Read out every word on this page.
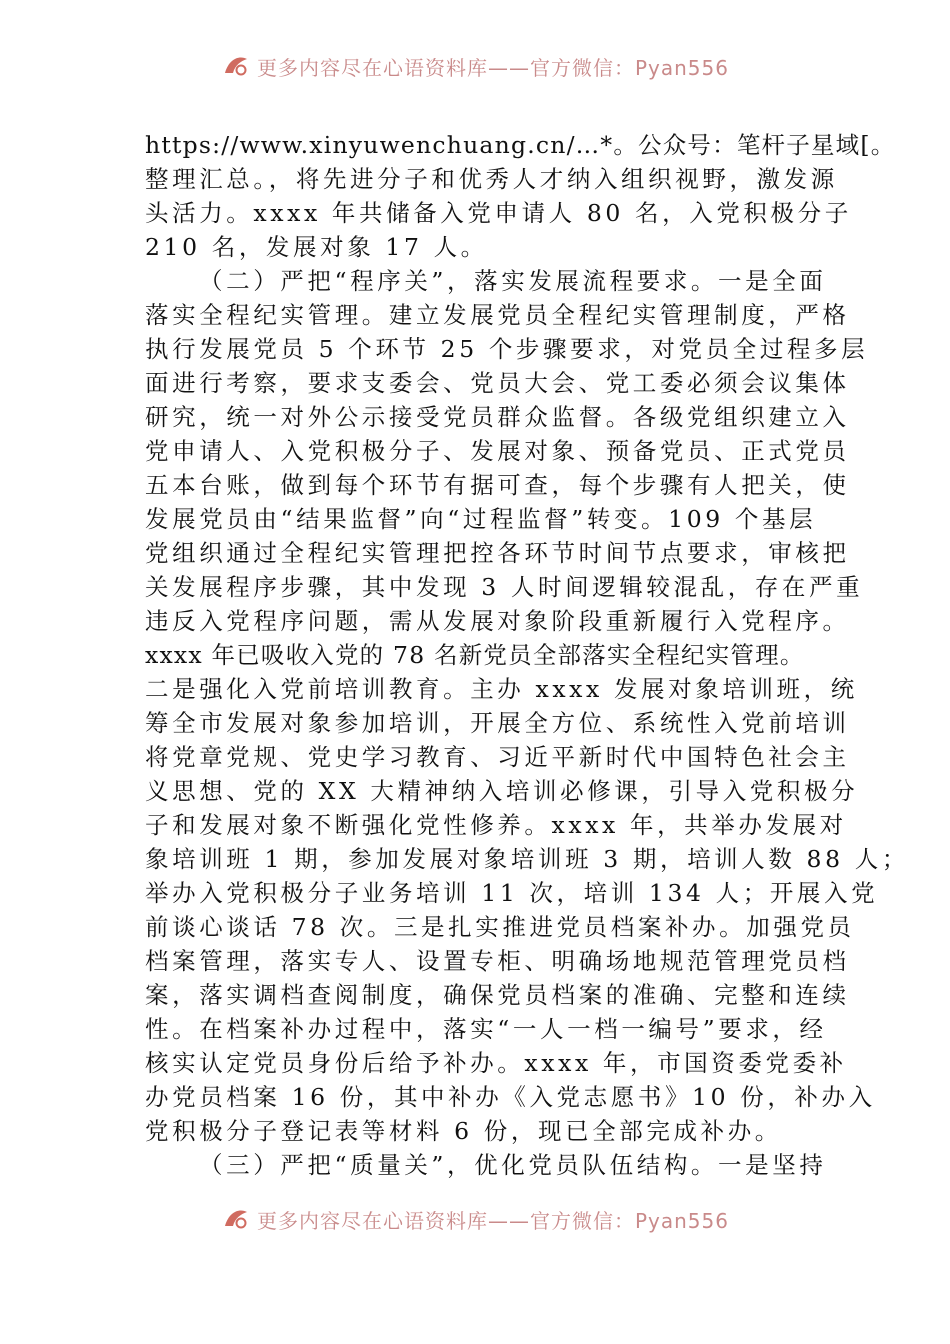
更多内容尽在心语资料库——官方微信：Pyan556
https://www.xinyuwenchuang.cn/…*。公众号：笔杆子星域[。
整理汇总。，将先进分子和优秀人才纳入组织视野，激发源
头活力。xxxx 年共储备入党申请人 80 名，入党积极分子
210 名，发展对象 17 人。
（二）严把“程序关”，落实发展流程要求。一是全面
落实全程纪实管理。建立发展党员全程纪实管理制度，严格
执行发展党员 5 个环节 25 个步骤要求，对党员全过程多层
面进行考察，要求支委会、党员大会、党工委必须会议集体
研究，统一对外公示接受党员群众监督。各级党组织建立入
党申请人、入党积极分子、发展对象、预备党员、正式党员
五本台账，做到每个环节有据可查，每个步骤有人把关，使
发展党员由“结果监督”向“过程监督”转变。109 个基层
党组织通过全程纪实管理把控各环节时间节点要求，审核把
关发展程序步骤，其中发现 3 人时间逻辑较混乱，存在严重
违反入党程序问题，需从发展对象阶段重新履行入党程序。
xxxx 年已吸收入党的 78 名新党员全部落实全程纪实管理。
二是强化入党前培训教育。主办 xxxx 发展对象培训班，统
筹全市发展对象参加培训，开展全方位、系统性入党前培训
将党章党规、党史学习教育、习近平新时代中国特色社会主
义思想、党的 XX 大精神纳入培训必修课，引导入党积极分
子和发展对象不断强化党性修养。xxxx 年，共举办发展对
象培训班 1 期，参加发展对象培训班 3 期，培训人数 88 人；
举办入党积极分子业务培训 11 次，培训 134 人；开展入党
前谈心谈话 78 次。三是扎实推进党员档案补办。加强党员
档案管理，落实专人、设置专柜、明确场地规范管理党员档
案，落实调档查阅制度，确保党员档案的准确、完整和连续
性。在档案补办过程中，落实“一人一档一编号”要求，经
核实认定党员身份后给予补办。xxxx 年，市国资委党委补
办党员档案 16 份，其中补办《入党志愿书》10 份，补办入
党积极分子登记表等材料 6 份，现已全部完成补办。
（三）严把“质量关”，优化党员队伍结构。一是坚持
更多内容尽在心语资料库——官方微信：Pyan556
